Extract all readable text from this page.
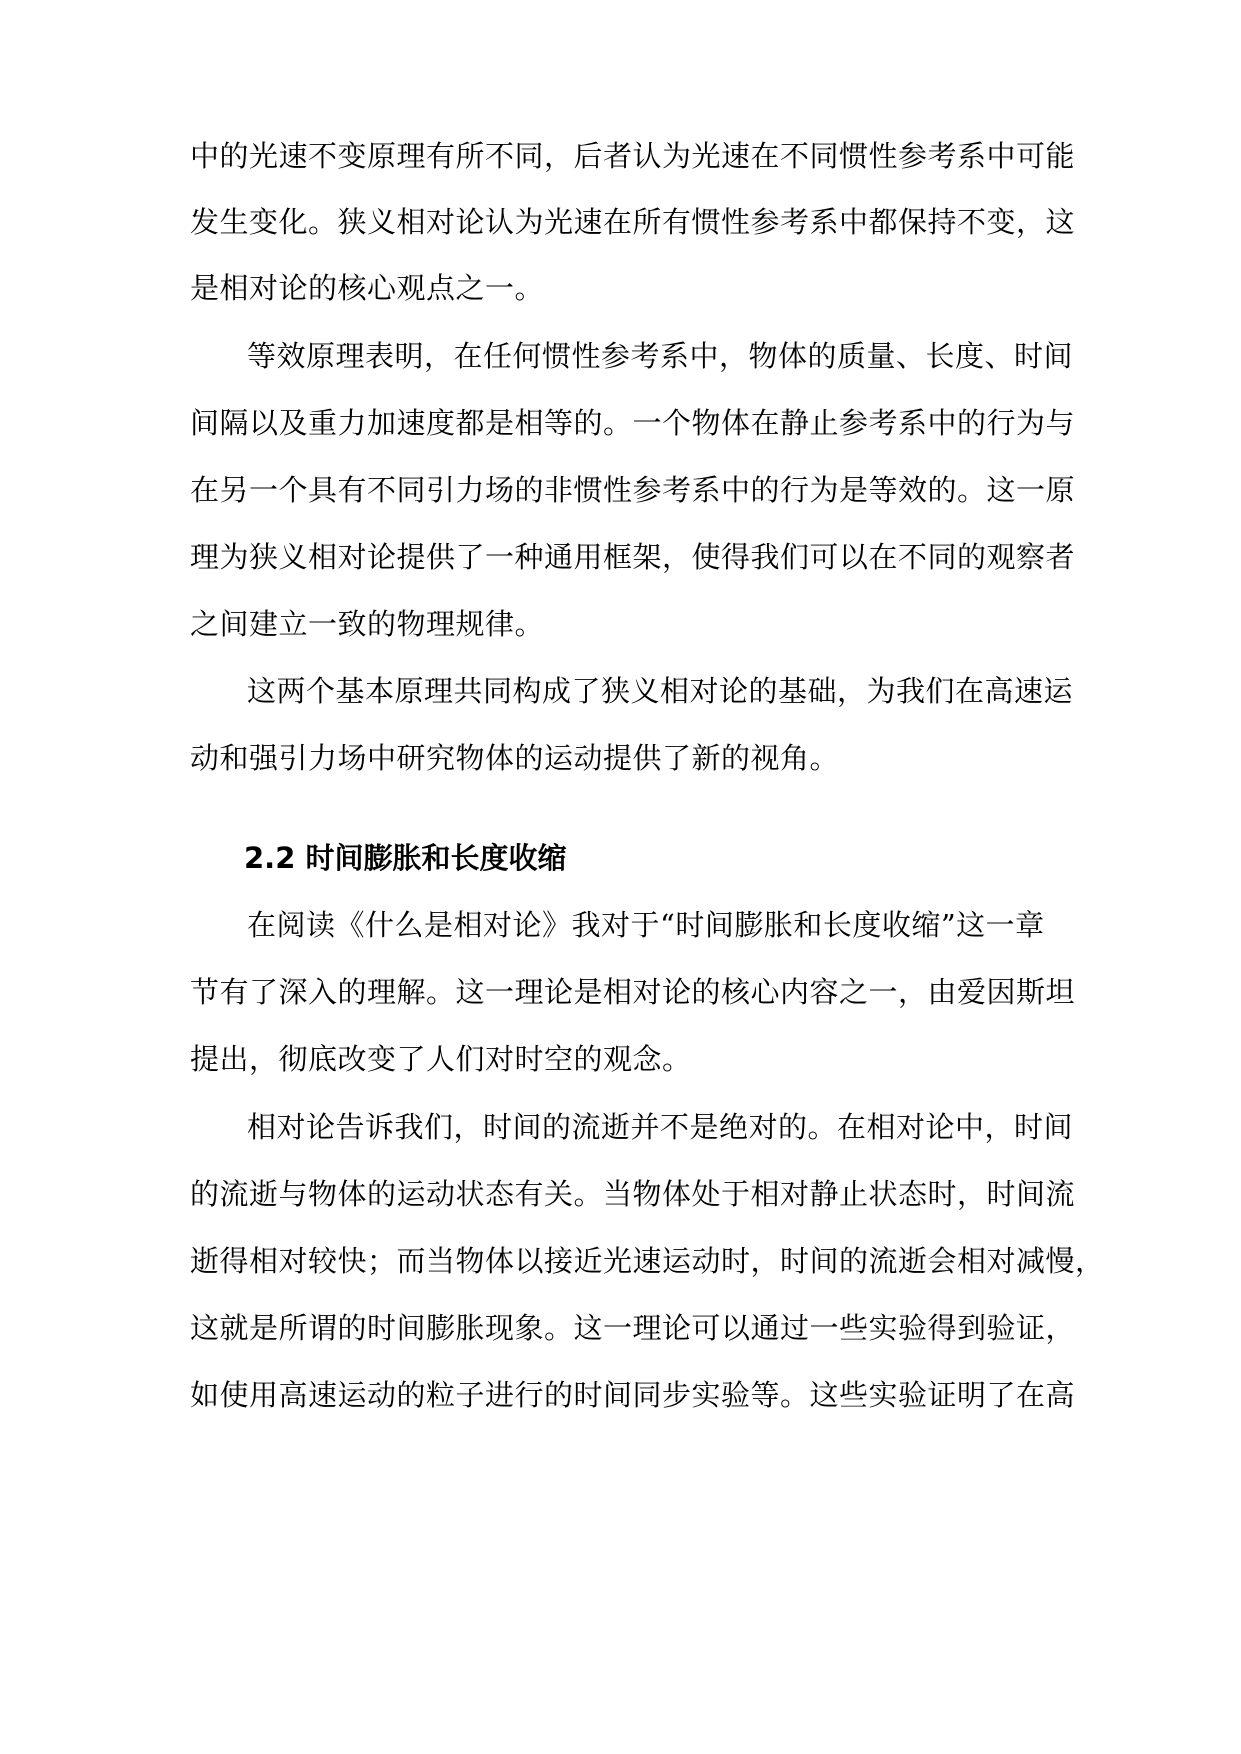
中的光速不变原理有所不同，后者认为光速在不同惯性参考系中可能
发生变化。狭义相对论认为光速在所有惯性参考系中都保持不变，这
是相对论的核心观点之一。
等效原理表明，在任何惯性参考系中，物体的质量、长度、时间
间隔以及重力加速度都是相等的。一个物体在静止参考系中的行为与
在另一个具有不同引力场的非惯性参考系中的行为是等效的。这一原
理为狭义相对论提供了一种通用框架，使得我们可以在不同的观察者
之间建立一致的物理规律。
这两个基本原理共同构成了狭义相对论的基础，为我们在高速运
动和强引力场中研究物体的运动提供了新的视角。
2.2 时间膨胀和长度收缩
在阅读《什么是相对论》我对于“时间膨胀和长度收缩”这一章
节有了深入的理解。这一理论是相对论的核心内容之一，由爱因斯坦
提出，彻底改变了人们对时空的观念。
相对论告诉我们，时间的流逝并不是绝对的。在相对论中，时间
的流逝与物体的运动状态有关。当物体处于相对静止状态时，时间流
逝得相对较快；而当物体以接近光速运动时，时间的流逝会相对减慢，
这就是所谓的时间膨胀现象。这一理论可以通过一些实验得到验证，
如使用高速运动的粒子进行的时间同步实验等。这些实验证明了在高
